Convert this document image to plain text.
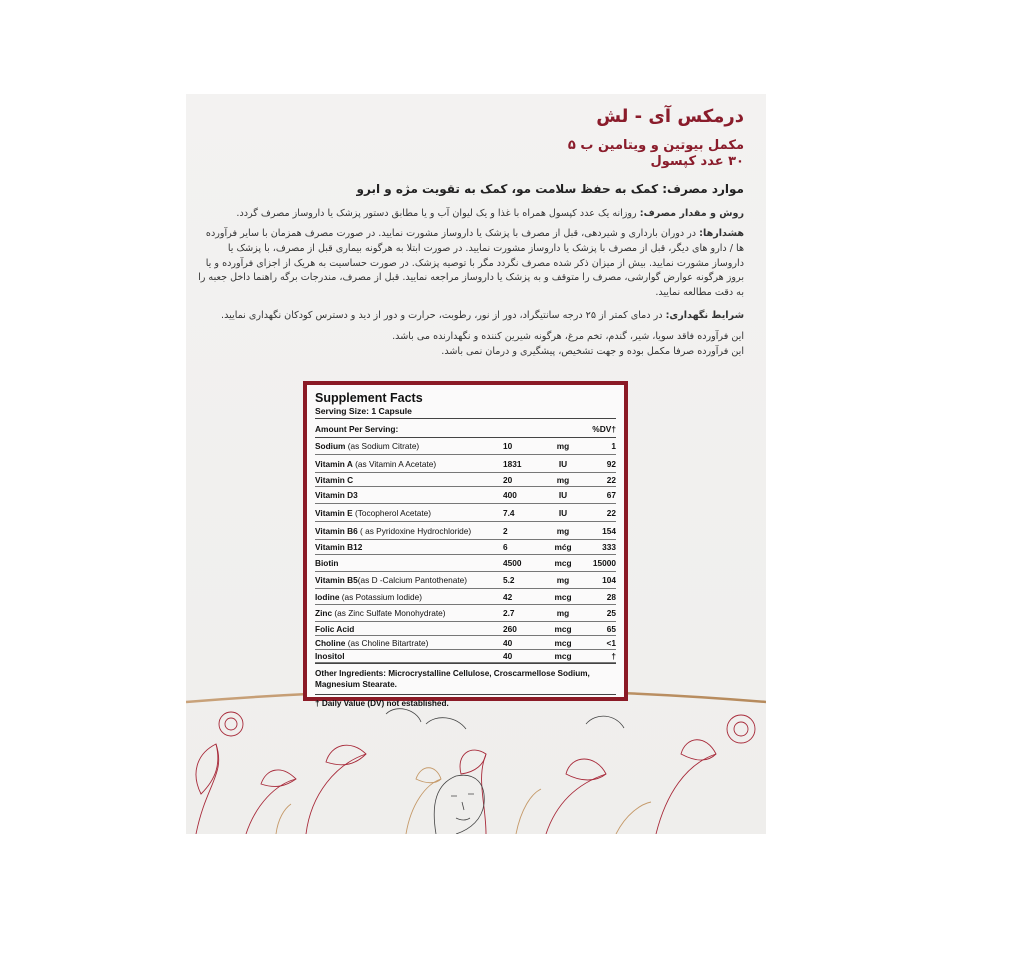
درمکس آی - لش
مکمل بیوتین و ویتامین ب ۵
۳۰ عدد کپسول
موارد مصرف: کمک به حفظ سلامت مو، کمک به تقویت مژه و ابرو
روش و مقدار مصرف: روزانه یک عدد کپسول همراه با غذا و یک لیوان آب و یا مطابق دستور پزشک یا داروساز مصرف گردد.
هشدارها: در دوران بارداری و شیردهی، قبل از مصرف با پزشک یا داروساز مشورت نمایید. در صورت مصرف همزمان با سایر فرآورده ها / دارو های دیگر، قبل از مصرف با پزشک یا داروساز مشورت نمایید. در صورت ابتلا به هرگونه بیماری قبل از مصرف، با پزشک یا داروساز مشورت نمایید. بیش از میزان ذکر شده مصرف نگردد مگر با توصیه پزشک. در صورت حساسیت به هریک از اجزای فرآورده و یا بروز هرگونه عوارض گوارشی، مصرف را متوقف و به پزشک یا داروساز مراجعه نمایید. قبل از مصرف، مندرجات برگه راهنما داخل جعبه را به دقت مطالعه نمایید.
شرایط نگهداری: در دمای کمتر از ۲۵ درجه سانتیگراد، دور از نور، رطوبت، حرارت و دور از دید و دسترس کودکان نگهداری نمایید.
این فرآورده فاقد سویا، شیر، گندم، تخم مرغ، هرگونه شیرین کننده و نگهدارنده می باشد.
این فرآورده صرفا مکمل بوده و جهت تشخیص، پیشگیری و درمان نمی باشد.
Supplement Facts
Serving Size: 1 Capsule
Amount Per Serving:	%DV†
Sodium (as Sodium Citrate)	10	mg	1
Vitamin A (as Vitamin A Acetate)	1831	IU	92
Vitamin C	20	mg	22
Vitamin D3	400	IU	67
Vitamin E (Tocopherol Acetate)	7.4	IU	22
Vitamin B6 ( as Pyridoxine Hydrochloride)	2	mg	154
Vitamin B12	6	mćg	333
Biotin	4500	mcg	15000
Vitamin B5(as D -Calcium Pantothenate)	5.2	mg	104
Iodine (as Potassium Iodide)	42	mcg	28
Zinc (as Zinc Sulfate Monohydrate)	2.7	mg	25
Folic Acid	260	mcg	65
Choline (as Choline Bitartrate)	40	mcg	<1
Inositol	40	mcg	†
Other Ingredients: Microcrystalline Cellulose, Croscarmellose Sodium, Magnesium Stearate.
† Daily Value (DV) not established.
